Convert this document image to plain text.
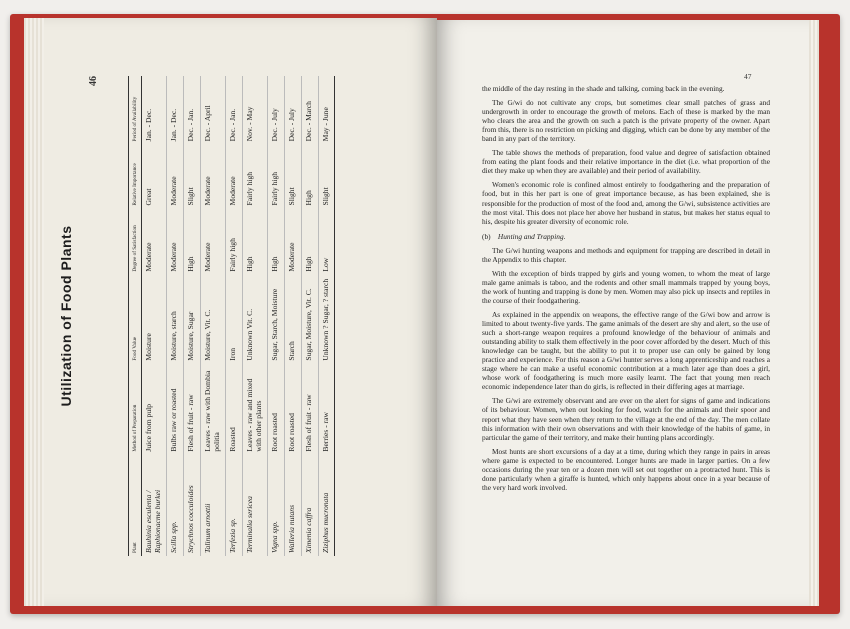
47

the middle of the day resting in the shade and talking, coming back in the evening.

The G/wi do not cultivate any crops, but sometimes clear small patches of grass and undergrowth in order to encourage the growth of melons. Each of these is marked by the man who clears the area and the growth on such a patch is the private property of the owner. Apart from this, there is no restriction on picking and digging, which can be done by any member of the band in any part of the territory.

The table shows the methods of preparation, food value and degree of satisfaction obtained from eating the plant foods and their relative importance in the diet (i.e. what proportion of the diet they make up when they are available) and their period of availability.

Women's economic role is confined almost entirely to foodgathering and the preparation of food, but in this her part is one of great importance because, as has been explained, she is responsible for the production of most of the food and, among the G/wi, subsistence activities are the most vital. This does not place her above her husband in status, but makes her status equal to his, despite his greater diversity of economic role.

(b) Hunting and Trapping.

The G/wi hunting weapons and methods and equipment for trapping are described in detail in the Appendix to this chapter.

With the exception of birds trapped by girls and young women, to whom the meat of large male game animals is taboo, and the rodents and other small mammals trapped by young boys, the work of hunting and trapping is done by men. Women may also pick up insects and reptiles in the course of their foodgathering.

As explained in the appendix on weapons, the effective range of the G/wi bow and arrow is limited to about twenty-five yards. The game animals of the desert are shy and alert, so the use of such a short-range weapon requires a profound knowledge of the behaviour of animals and outstanding ability to stalk them effectively in the poor cover afforded by the desert. Much of this knowledge can be taught, but the ability to put it to proper use can only be gained by long practice and experience. For this reason a G/wi hunter serves a long apprenticeship and reaches a stage where he can make a useful economic contribution at a much later age than does a girl, whose work of foodgathering is much more easily learnt. The fact that young men reach economic independence later than do girls, is reflected in their differing ages at marriage.

The G/wi are extremely observant and are ever on the alert for signs of game and indications of its behaviour. Women, when out looking for food, watch for the animals and their spoor and report what they have seen when they return to the village at the end of the day. The men collate this information with their own observations and with their knowledge of the habits of game, in particular the game of their territory, and make their hunting plans accordingly.

Most hunts are short excursions of a day at a time, during which they range in pairs in areas where game is expected to be encountered. Longer hunts are made in larger parties. On a few occasions during the year ten or a dozen men will set out together on a protracted hunt. This is done particularly when a giraffe is hunted, which only happens about once in a year because of the very hard work involved.

Utilization of Food Plants
46
Plant	Method of Preparation	Food Value	Degree of Satisfaction	Relative Importance	Period of Availability
Bauhinia esculenta / Raphionacme burkei	Juice from pulp	Moisture	Moderate	Great	Jan. - Dec.
Scilla spp.	Bulbs raw or roasted	Moisture, starch	Moderate	Moderate	Jan. - Dec.
Strychnos cocculoides	Flesh of fruit - raw	Moisture, Sugar	High	Slight	Dec. - Jan.
Talinum arnottii	Leaves - raw with Dombia politia	Moisture, Vit. C.	Moderate	Moderate	Dec. - April
Terfezia sp.	Roasted	Iron	Fairly high	Moderate	Dec. - Jan.
Terminalia sericea	Leaves - raw and mixed with other plants	Unknown Vit. C.	High	Fairly high	Nov. - May
Vigna spp.	Root roasted	Sugar, Starch, Moisture	High	Fairly high	Dec. - July
Walleria nutans	Root roasted	Starch	Moderate	Slight	Dec. - July
Ximenia caffra	Flesh of fruit - raw	Sugar, Moisture, Vit. C.	High	High	Dec. - March
Ziziphus mucronata	Berries - raw	Unknown ? Sugar, ? starch	Low	Slight	May - June
